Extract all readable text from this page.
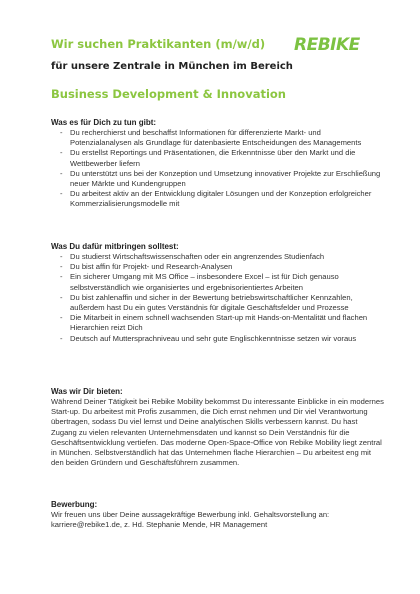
REBIKE
Wir suchen Praktikanten (m/w/d)

für unsere Zentrale in München im Bereich

Business Development & Innovation

Was es für Dich zu tun gibt:

- Du recherchierst und beschaffst Informationen für differenzierte Markt- und Potenzialanalysen als Grundlage für datenbasierte Entscheidungen des Managements
- Du erstellst Reportings und Präsentationen, die Erkenntnisse über den Markt und die Wettbewerber liefern
- Du unterstützt uns bei der Konzeption und Umsetzung innovativer Projekte zur Erschließung neuer Märkte und Kundengruppen
- Du arbeitest aktiv an der Entwicklung digitaler Lösungen und der Konzeption erfolgreicher Kommerzialisierungsmodelle mit

Was Du dafür mitbringen solltest:

- Du studierst Wirtschaftswissenschaften oder ein angrenzendes Studienfach
- Du bist affin für Projekt- und Research-Analysen
- Ein sicherer Umgang mit MS Office – insbesondere Excel – ist für Dich genauso selbstverständlich wie organisiertes und ergebnisorientiertes Arbeiten
- Du bist zahlenaffin und sicher in der Bewertung betriebswirtschaftlicher Kennzahlen, außerdem hast Du ein gutes Verständnis für digitale Geschäftsfelder und Prozesse
- Die Mitarbeit in einem schnell wachsenden Start-up mit Hands-on-Mentalität und flachen Hierarchien reizt Dich
- Deutsch auf Muttersprachniveau und sehr gute Englischkenntnisse setzen wir voraus

Was wir Dir bieten:

Während Deiner Tätigkeit bei Rebike Mobility bekommst Du interessante Einblicke in ein modernes Start-up. Du arbeitest mit Profis zusammen, die Dich ernst nehmen und Dir viel Verantwortung übertragen, sodass Du viel lernst und Deine analytischen Skills verbessern kannst. Du hast Zugang zu vielen relevanten Unternehmensdaten und kannst so Dein Verständnis für die Geschäftsentwicklung vertiefen. Das moderne Open-Space-Office von Rebike Mobility liegt zentral in München. Selbstverständlich hat das Unternehmen flache Hierarchien – Du arbeitest eng mit den beiden Gründern und Geschäftsführern zusammen.

Bewerbung:

Wir freuen uns über Deine aussagekräftige Bewerbung inkl. Gehaltsvorstellung an: karriere@rebike1.de, z. Hd. Stephanie Mende, HR Management
